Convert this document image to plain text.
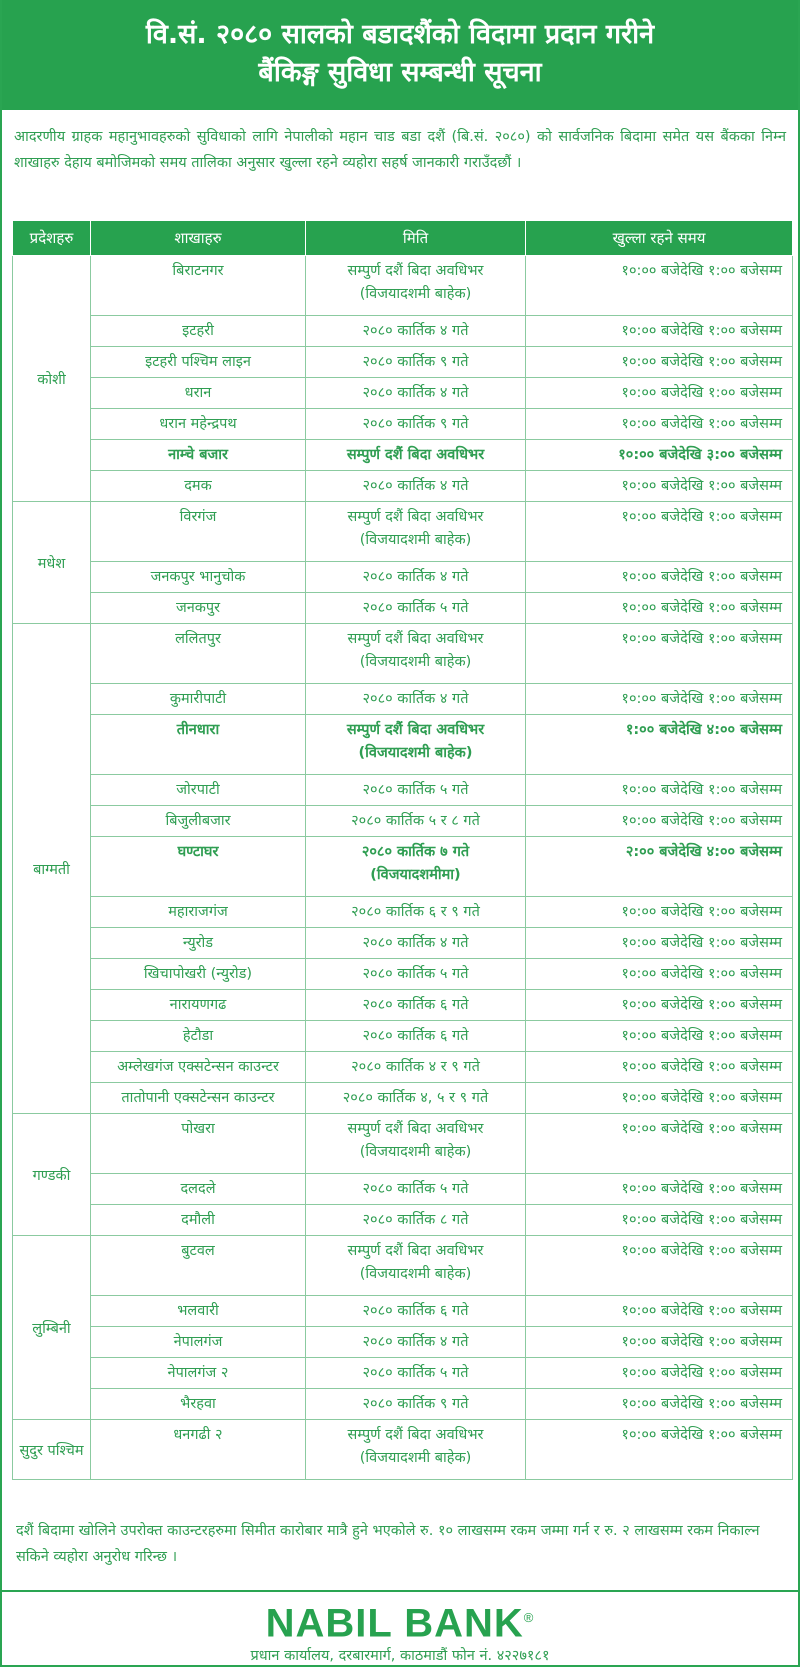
वि.सं. २०८० सालको बडादशैंको विदामा प्रदान गरीने
बैंकिङ्ग सुविधा सम्बन्धी सूचना
आदरणीय ग्राहक महानुभावहरुको सुविधाको लागि नेपालीको महान चाड बडा दशैं (बि.सं. २०८०) को सार्वजनिक बिदामा समेत यस बैंकका निम्न शाखाहरु देहाय बमोजिमको समय तालिका अनुसार खुल्ला रहने व्यहोरा सहर्ष जानकारी गराउँदछौं ।
प्रदेशहरु	शाखाहरु	मिति	खुल्ला रहने समय
कोशी	बिराटनगर	सम्पुर्ण दशैं बिदा अवधिभर
(विजयादशमी बाहेक)	१०:०० बजेदेखि १:०० बजेसम्म
	इटहरी	२०८० कार्तिक ४ गते	१०:०० बजेदेखि १:०० बजेसम्म
	इटहरी पश्चिम लाइन	२०८० कार्तिक ९ गते	१०:०० बजेदेखि १:०० बजेसम्म
	धरान	२०८० कार्तिक ४ गते	१०:०० बजेदेखि १:०० बजेसम्म
	धरान महेन्द्रपथ	२०८० कार्तिक ९ गते	१०:०० बजेदेखि १:०० बजेसम्म
	नाम्चे बजार	सम्पुर्ण दशैं बिदा अवधिभर	१०:०० बजेदेखि ३:०० बजेसम्म
	दमक	२०८० कार्तिक ४ गते	१०:०० बजेदेखि १:०० बजेसम्म
मधेश	विरगंज	सम्पुर्ण दशैं बिदा अवधिभर
(विजयादशमी बाहेक)	१०:०० बजेदेखि १:०० बजेसम्म
	जनकपुर भानुचोक	२०८० कार्तिक ४ गते	१०:०० बजेदेखि १:०० बजेसम्म
	जनकपुर	२०८० कार्तिक ५ गते	१०:०० बजेदेखि १:०० बजेसम्म
बाग्मती	ललितपुर	सम्पुर्ण दशैं बिदा अवधिभर
(विजयादशमी बाहेक)	१०:०० बजेदेखि १:०० बजेसम्म
	कुमारीपाटी	२०८० कार्तिक ४ गते	१०:०० बजेदेखि १:०० बजेसम्म
	तीनधारा	सम्पुर्ण दशैं बिदा अवधिभर
(विजयादशमी बाहेक)	१:०० बजेदेखि ४:०० बजेसम्म
	जोरपाटी	२०८० कार्तिक ५ गते	१०:०० बजेदेखि १:०० बजेसम्म
	बिजुलीबजार	२०८० कार्तिक ५ र ८ गते	१०:०० बजेदेखि १:०० बजेसम्म
	घण्टाघर	२०८० कार्तिक ७ गते
(विजयादशमीमा)	२:०० बजेदेखि ४:०० बजेसम्म
	महाराजगंज	२०८० कार्तिक ६ र ९ गते	१०:०० बजेदेखि १:०० बजेसम्म
	न्युरोड	२०८० कार्तिक ४ गते	१०:०० बजेदेखि १:०० बजेसम्म
	खिचापोखरी (न्युरोड)	२०८० कार्तिक ५ गते	१०:०० बजेदेखि १:०० बजेसम्म
	नारायणगढ	२०८० कार्तिक ६ गते	१०:०० बजेदेखि १:०० बजेसम्म
	हेटौडा	२०८० कार्तिक ६ गते	१०:०० बजेदेखि १:०० बजेसम्म
	अम्लेखगंज एक्सटेन्सन काउन्टर	२०८० कार्तिक ४ र ९ गते	१०:०० बजेदेखि १:०० बजेसम्म
	तातोपानी एक्सटेन्सन काउन्टर	२०८० कार्तिक ४, ५ र ९ गते	१०:०० बजेदेखि १:०० बजेसम्म
गण्डकी	पोखरा	सम्पुर्ण दशैं बिदा अवधिभर
(विजयादशमी बाहेक)	१०:०० बजेदेखि १:०० बजेसम्म
	दलदले	२०८० कार्तिक ५ गते	१०:०० बजेदेखि १:०० बजेसम्म
	दमौली	२०८० कार्तिक ८ गते	१०:०० बजेदेखि १:०० बजेसम्म
लुम्बिनी	बुटवल	सम्पुर्ण दशैं बिदा अवधिभर
(विजयादशमी बाहेक)	१०:०० बजेदेखि १:०० बजेसम्म
	भलवारी	२०८० कार्तिक ६ गते	१०:०० बजेदेखि १:०० बजेसम्म
	नेपालगंज	२०८० कार्तिक ४ गते	१०:०० बजेदेखि १:०० बजेसम्म
	नेपालगंज २	२०८० कार्तिक ५ गते	१०:०० बजेदेखि १:०० बजेसम्म
	भैरहवा	२०८० कार्तिक ९ गते	१०:०० बजेदेखि १:०० बजेसम्म
सुदुर पश्चिम	धनगढी २	सम्पुर्ण दशैं बिदा अवधिभर
(विजयादशमी बाहेक)	१०:०० बजेदेखि १:०० बजेसम्म
दशैं बिदामा खोलिने उपरोक्त काउन्टरहरुमा सिमीत कारोबार मात्रै हुने भएकोले रु. १० लाखसम्म रकम जम्मा गर्न र रु. २ लाखसम्म रकम निकाल्न सकिने व्यहोरा अनुरोध गरिन्छ ।
NABIL BANK®
प्रधान कार्यालय, दरबारमार्ग, काठमाडौं फोन नं. ४२२७१८१
